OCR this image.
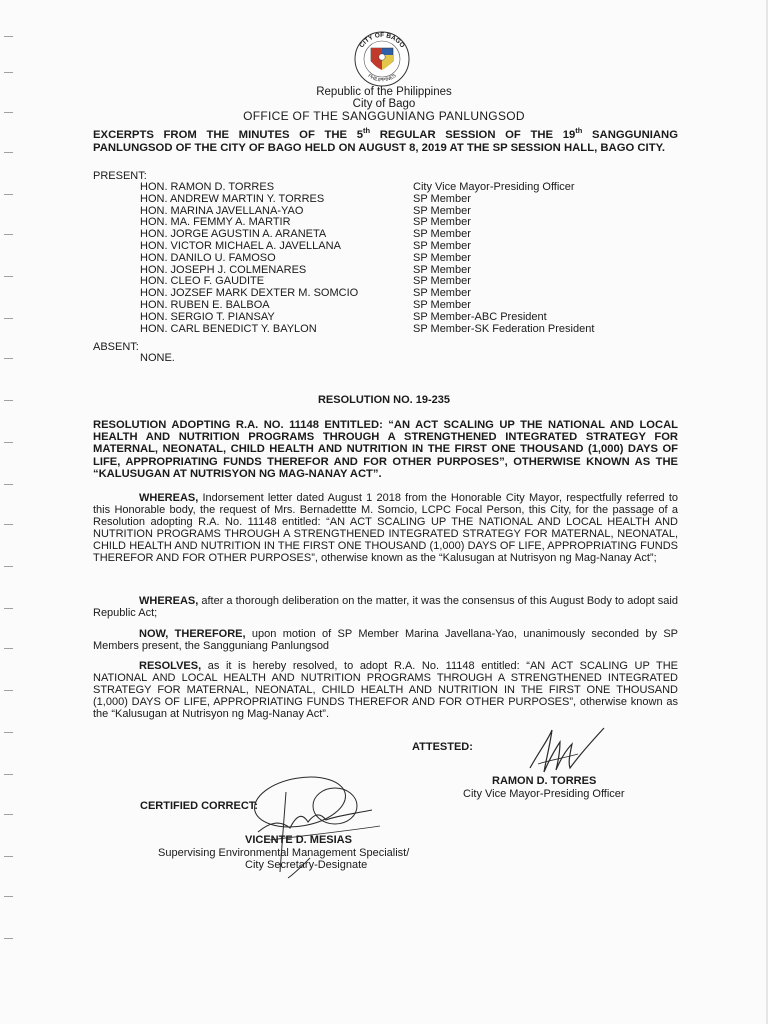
CITY OF BAGO
PHILIPPINES
Republic of the Philippines
City of Bago
OFFICE OF THE SANGGUNIANG PANLUNGSOD
EXCERPTS FROM THE MINUTES OF THE 5th REGULAR SESSION OF THE 19th SANGGUNIANG PANLUNGSOD OF THE CITY OF BAGO HELD ON AUGUST 8, 2019 AT THE SP SESSION HALL, BAGO CITY.
PRESENT:
HON. RAMON D. TORRES	City Vice Mayor-Presiding Officer
HON. ANDREW MARTIN Y. TORRES	SP Member
HON. MARINA JAVELLANA-YAO	SP Member
HON. MA. FEMMY A. MARTIR	SP Member
HON. JORGE AGUSTIN A. ARANETA	SP Member
HON. VICTOR MICHAEL A. JAVELLANA	SP Member
HON. DANILO U. FAMOSO	SP Member
HON. JOSEPH J. COLMENARES	SP Member
HON. CLEO F. GAUDITE	SP Member
HON. JOZSEF MARK DEXTER M. SOMCIO	SP Member
HON. RUBEN E. BALBOA	SP Member
HON. SERGIO T. PIANSAY	SP Member-ABC President
HON. CARL BENEDICT Y. BAYLON	SP Member-SK Federation President
ABSENT:
NONE.
RESOLUTION NO. 19-235
RESOLUTION ADOPTING R.A. NO. 11148 ENTITLED: “AN ACT SCALING UP THE NATIONAL AND LOCAL HEALTH AND NUTRITION PROGRAMS THROUGH A STRENGTHENED INTEGRATED STRATEGY FOR MATERNAL, NEONATAL, CHILD HEALTH AND NUTRITION IN THE FIRST ONE THOUSAND (1,000) DAYS OF LIFE, APPROPRIATING FUNDS THEREFOR AND FOR OTHER PURPOSES”, OTHERWISE KNOWN AS THE “KALUSUGAN AT NUTRISYON NG MAG-NANAY ACT”.
WHEREAS, Indorsement letter dated August 1 2018 from the Honorable City Mayor, respectfully referred to this Honorable body, the request of Mrs. Bernadettte M. Somcio, LCPC Focal Person, this City, for the passage of a Resolution adopting R.A. No. 11148 entitled: “AN ACT SCALING UP THE NATIONAL AND LOCAL HEALTH AND NUTRITION PROGRAMS THROUGH A STRENGTHENED INTEGRATED STRATEGY FOR MATERNAL, NEONATAL, CHILD HEALTH AND NUTRITION IN THE FIRST ONE THOUSAND (1,000) DAYS OF LIFE, APPROPRIATING FUNDS THEREFOR AND FOR OTHER PURPOSES”, otherwise known as the “Kalusugan at Nutrisyon ng Mag-Nanay Act”;
WHEREAS, after a thorough deliberation on the matter, it was the consensus of this August Body to adopt said Republic Act;
NOW, THEREFORE, upon motion of SP Member Marina Javellana-Yao, unanimously seconded by SP Members present, the Sangguniang Panlungsod
RESOLVES, as it is hereby resolved, to adopt R.A. No. 11148 entitled: “AN ACT SCALING UP THE NATIONAL AND LOCAL HEALTH AND NUTRITION PROGRAMS THROUGH A STRENGTHENED INTEGRATED STRATEGY FOR MATERNAL, NEONATAL, CHILD HEALTH AND NUTRITION IN THE FIRST ONE THOUSAND (1,000) DAYS OF LIFE, APPROPRIATING FUNDS THEREFOR AND FOR OTHER PURPOSES”, otherwise known as the “Kalusugan at Nutrisyon ng Mag-Nanay Act”.
ATTESTED:
RAMON D. TORRES
City Vice Mayor-Presiding Officer
CERTIFIED CORRECT:
VICENTE D. MESIAS
Supervising Environmental Management Specialist/
City Secretary-Designate
